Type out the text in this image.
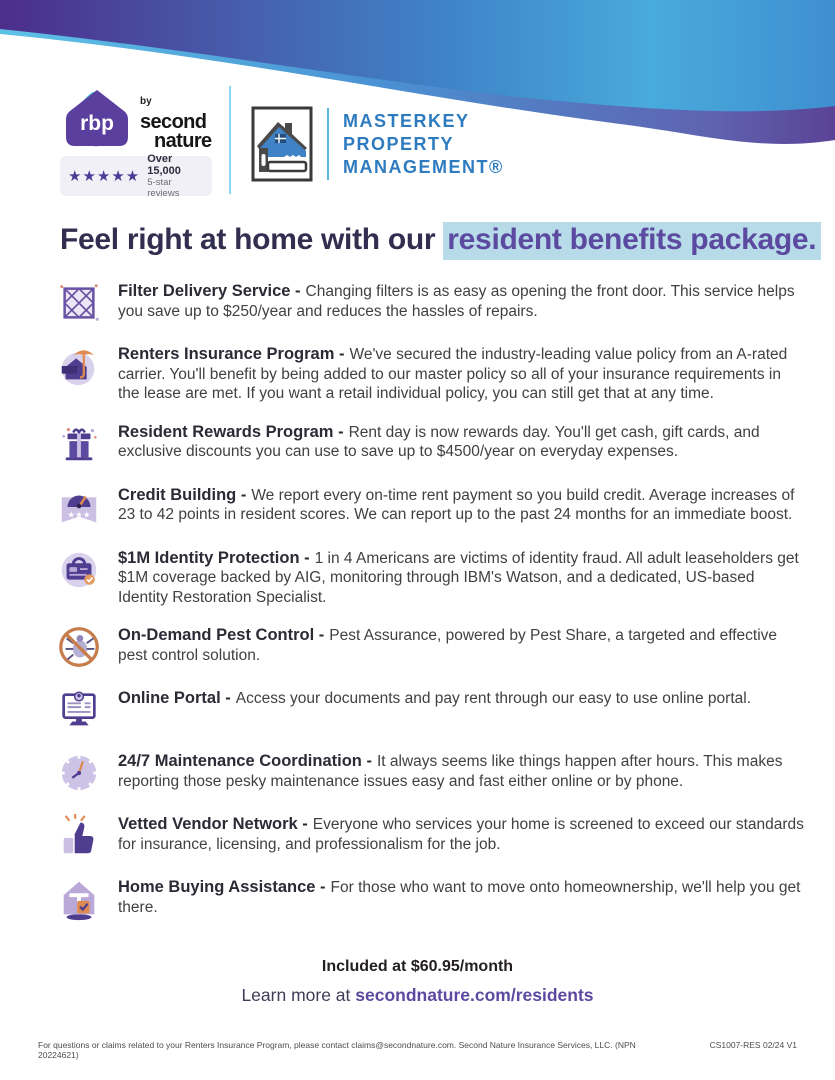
rbp
$^{by}$ second
nature
★★★★★
Over 15,000
5-star reviews
MASTERKEY
PROPERTY
MANAGEMENT®
Feel right at home with our resident benefits package.
Filter Delivery Service - Changing filters is as easy as opening the front door. This service helps you save up to $250/year and reduces the hassles of repairs.
Renters Insurance Program - We've secured the industry-leading value policy from an A-rated carrier. You'll benefit by being added to our master policy so all of your insurance requirements in the lease are met. If you want a retail individual policy, you can still get that at any time.
Resident Rewards Program - Rent day is now rewards day. You'll get cash, gift cards, and exclusive discounts you can use to save up to $4500/year on everyday expenses.
★★★
Credit Building - We report every on-time rent payment so you build credit. Average increases of 23 to 42 points in resident scores. We can report up to the past 24 months for an immediate boost.
$1M Identity Protection - 1 in 4 Americans are victims of identity fraud. All adult leaseholders get $1M coverage backed by AIG, monitoring through IBM's Watson, and a dedicated, US-based Identity Restoration Specialist.
On-Demand Pest Control - Pest Assurance, powered by Pest Share, a targeted and effective pest control solution.
Online Portal - Access your documents and pay rent through our easy to use online portal.
24/7 Maintenance Coordination - It always seems like things happen after hours. This makes reporting those pesky maintenance issues easy and fast either online or by phone.
Vetted Vendor Network - Everyone who services your home is screened to exceed our standards for insurance, licensing, and professionalism for the job.
Home Buying Assistance - For those who want to move onto homeownership, we'll help you get there.
Included at $60.95/month
Learn more at secondnature.com/residents
For questions or claims related to your Renters Insurance Program, please contact claims@secondnature.com. Second Nature Insurance Services, LLC. (NPN 20224621)
CS1007-RES 02/24 V1
